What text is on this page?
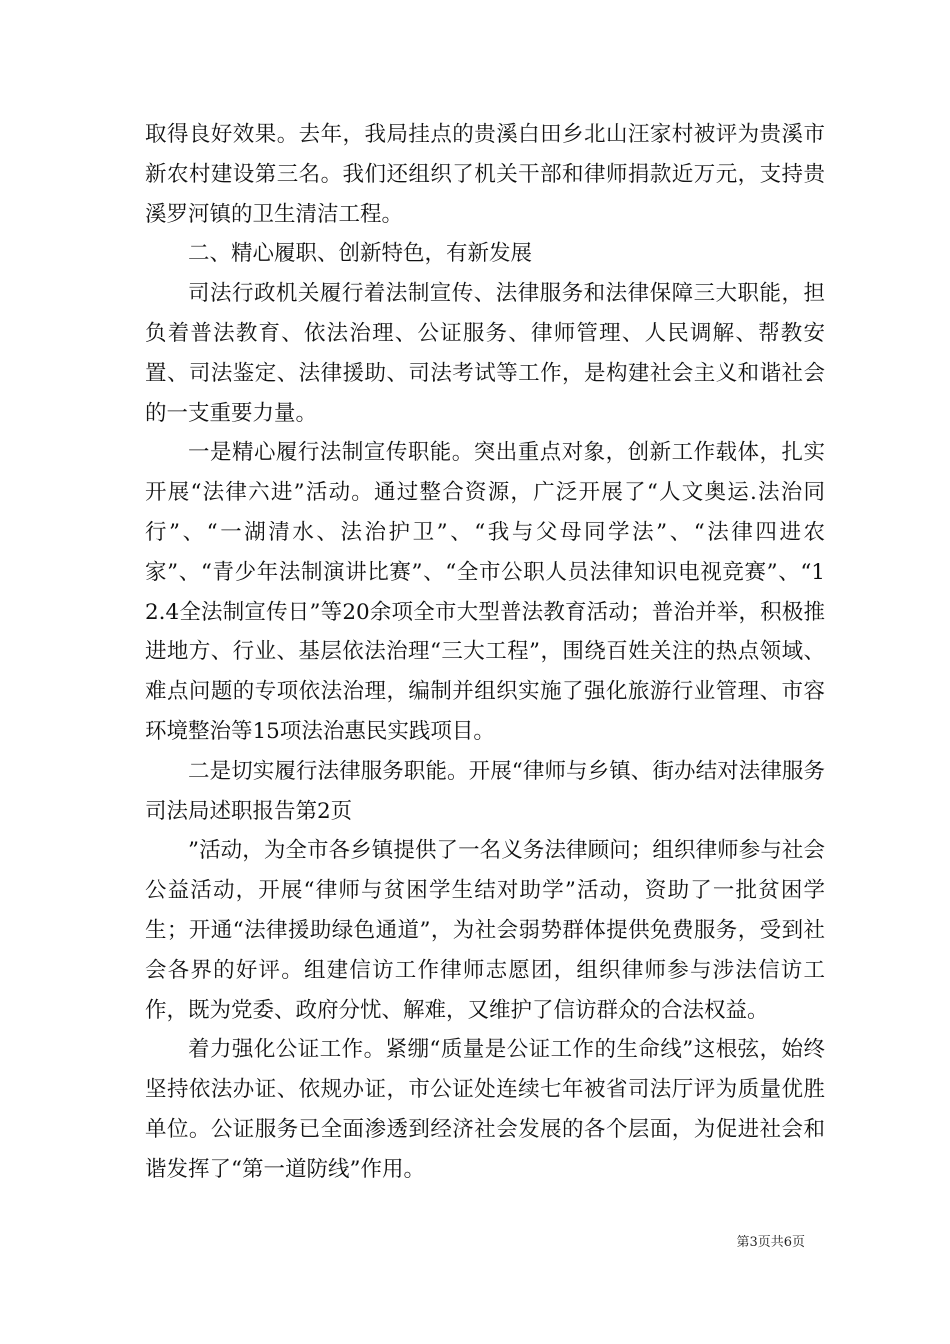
取得良好效果。去年，我局挂点的贵溪白田乡北山汪家村被评为贵溪市新农村建设第三名。我们还组织了机关干部和律师捐款近万元，支持贵溪罗河镇的卫生清洁工程。

二、精心履职、创新特色，有新发展

司法行政机关履行着法制宣传、法律服务和法律保障三大职能，担负着普法教育、依法治理、公证服务、律师管理、人民调解、帮教安置、司法鉴定、法律援助、司法考试等工作，是构建社会主义和谐社会的一支重要力量。

一是精心履行法制宣传职能。突出重点对象，创新工作载体，扎实开展“法律六进”活动。通过整合资源，广泛开展了“人文奥运.法治同行”、“一湖清水、法治护卫”、“我与父母同学法”、“法律四进农家”、“青少年法制演讲比赛”、“全市公职人员法律知识电视竞赛”、“12.4全法制宣传日”等20余项全市大型普法教育活动；普治并举，积极推进地方、行业、基层依法治理“三大工程”，围绕百姓关注的热点领域、难点问题的专项依法治理，编制并组织实施了强化旅游行业管理、市容环境整治等15项法治惠民实践项目。

二是切实履行法律服务职能。开展“律师与乡镇、街办结对法律服务司法局述职报告第2页

”活动，为全市各乡镇提供了一名义务法律顾问；组织律师参与社会公益活动，开展“律师与贫困学生结对助学”活动，资助了一批贫困学生；开通“法律援助绿色通道”，为社会弱势群体提供免费服务，受到社会各界的好评。组建信访工作律师志愿团，组织律师参与涉法信访工作，既为党委、政府分忧、解难，又维护了信访群众的合法权益。

着力强化公证工作。紧绷“质量是公证工作的生命线”这根弦，始终坚持依法办证、依规办证，市公证处连续七年被省司法厅评为质量优胜单位。公证服务已全面渗透到经济社会发展的各个层面，为促进社会和谐发挥了“第一道防线”作用。

第3页共6页
